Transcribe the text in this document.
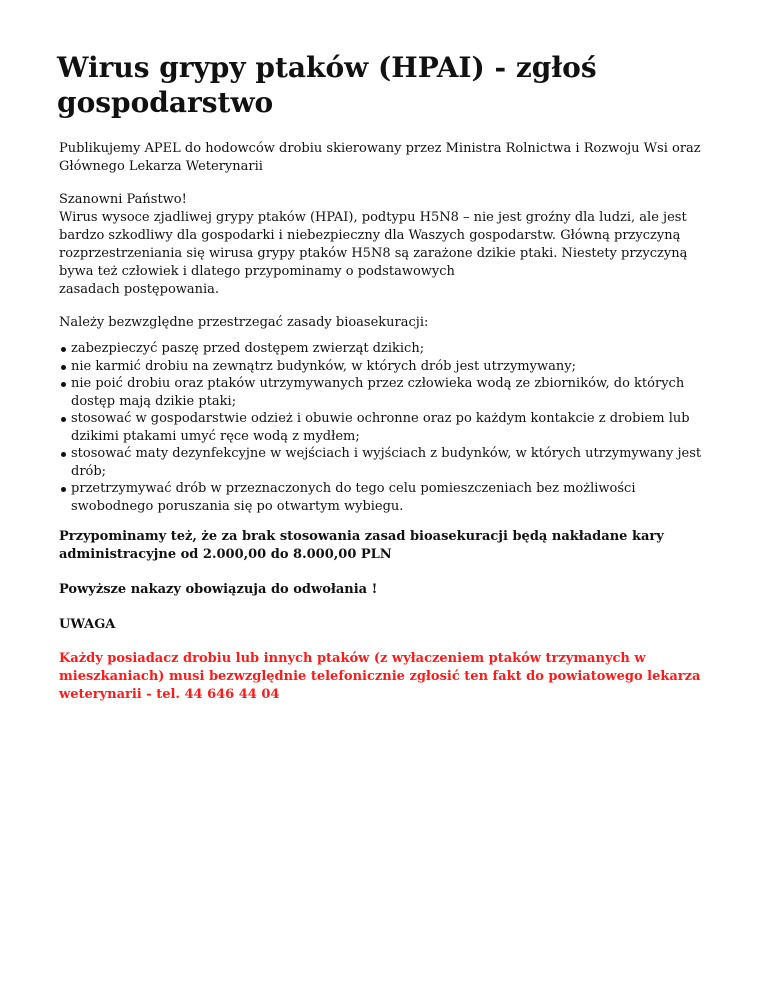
Wirus grypy ptaków (HPAI) - zgłoś gospodarstwo

Publikujemy APEL do hodowców drobiu skierowany przez Ministra Rolnictwa i Rozwoju Wsi oraz Głównego Lekarza Weterynarii

Szanowni Państwo!
Wirus wysoce zjadliwej grypy ptaków (HPAI), podtypu H5N8 – nie jest groźny dla ludzi, ale jest bardzo szkodliwy dla gospodarki i niebezpieczny dla Waszych gospodarstw. Główną przyczyną rozprzestrzeniania się wirusa grypy ptaków H5N8 są zarażone dzikie ptaki. Niestety przyczyną bywa też człowiek i dlatego przypominamy o podstawowych
zasadach postępowania.

Należy bezwzględne przestrzegać zasady bioasekuracji:

zabezpieczyć paszę przed dostępem zwierząt dzikich;
nie karmić drobiu na zewnątrz budynków, w których drób jest utrzymywany;
nie poić drobiu oraz ptaków utrzymywanych przez człowieka wodą ze zbiorników, do których dostęp mają dzikie ptaki;
stosować w gospodarstwie odzież i obuwie ochronne oraz po każdym kontakcie z drobiem lub dzikimi ptakami umyć ręce wodą z mydłem;
stosować maty dezynfekcyjne w wejściach i wyjściach z budynków, w których utrzymywany jest drób;
przetrzymywać drób w przeznaczonych do tego celu pomieszczeniach bez możliwości swobodnego poruszania się po otwartym wybiegu.

Przypominamy też, że za brak stosowania zasad bioasekuracji będą nakładane kary administracyjne od 2.000,00 do 8.000,00 PLN

Powyższe nakazy obowiązuja do odwołania !

UWAGA

Każdy posiadacz drobiu lub innych ptaków (z wyłaczeniem ptaków trzymanych w mieszkaniach) musi bezwzględnie telefonicznie zgłosić ten fakt do powiatowego lekarza weterynarii - tel. 44 646 44 04
